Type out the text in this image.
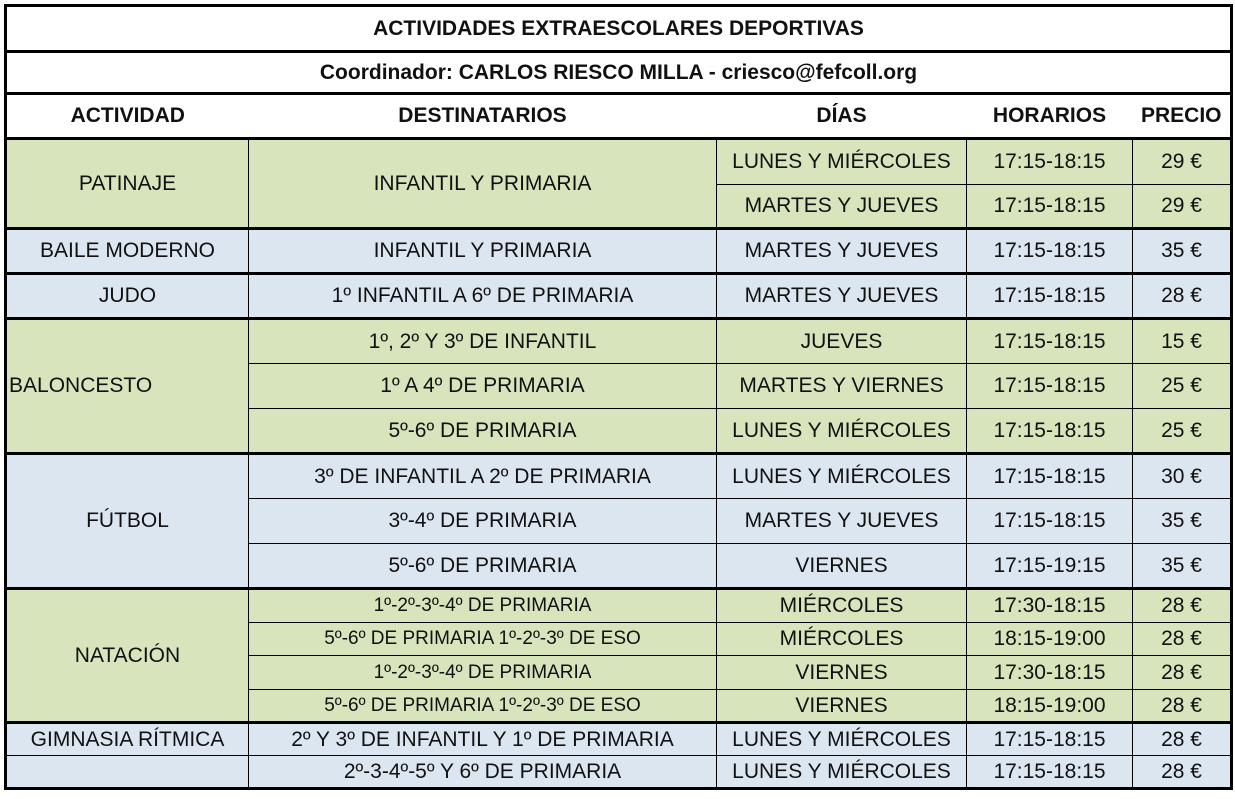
ACTIVIDADES EXTRAESCOLARES DEPORTIVAS				
Coordinador: CARLOS RIESCO MILLA - criesco@fefcoll.org				
ACTIVIDAD	DESTINATARIOS	DÍAS	HORARIOS	PRECIO
PATINAJE	INFANTIL Y PRIMARIA	LUNES Y MIÉRCOLES	17:15-18:15	29 €
		MARTES Y JUEVES	17:15-18:15	29 €
BAILE MODERNO	INFANTIL Y PRIMARIA	MARTES Y JUEVES	17:15-18:15	35 €
JUDO	1º INFANTIL A 6º DE PRIMARIA	MARTES Y JUEVES	17:15-18:15	28 €
BALONCESTO	1º, 2º Y 3º DE INFANTIL	JUEVES	17:15-18:15	15 €
	1º A 4º DE PRIMARIA	MARTES Y VIERNES	17:15-18:15	25 €
	5º-6º DE PRIMARIA	LUNES Y MIÉRCOLES	17:15-18:15	25 €
FÚTBOL	3º DE INFANTIL A 2º DE PRIMARIA	LUNES Y MIÉRCOLES	17:15-18:15	30 €
	3º-4º DE PRIMARIA	MARTES Y JUEVES	17:15-18:15	35 €
	5º-6º DE PRIMARIA	VIERNES	17:15-19:15	35 €
NATACIÓN	1º-2º-3º-4º DE PRIMARIA	MIÉRCOLES	17:30-18:15	28 €
	5º-6º DE PRIMARIA 1º-2º-3º DE ESO	MIÉRCOLES	18:15-19:00	28 €
	1º-2º-3º-4º DE PRIMARIA	VIERNES	17:30-18:15	28 €
	5º-6º DE PRIMARIA 1º-2º-3º DE ESO	VIERNES	18:15-19:00	28 €
GIMNASIA RÍTMICA	2º Y 3º DE INFANTIL Y 1º DE PRIMARIA	LUNES Y MIÉRCOLES	17:15-18:15	28 €
	2º-3-4º-5º Y 6º DE PRIMARIA	LUNES Y MIÉRCOLES	17:15-18:15	28 €
